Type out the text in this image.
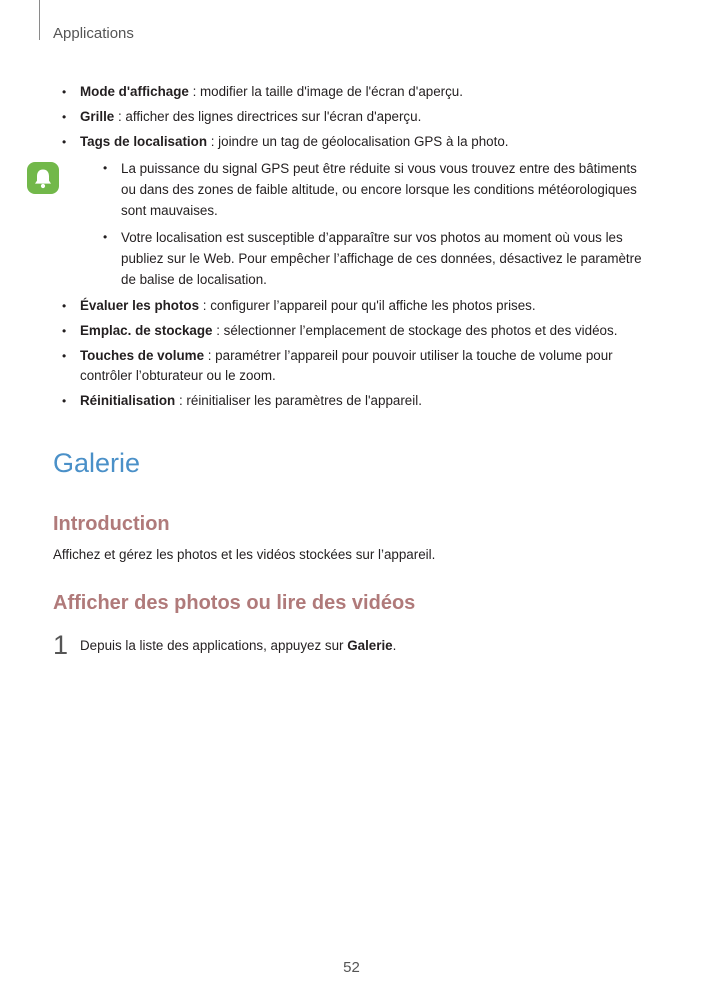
Applications
• Mode d'affichage : modifier la taille d'image de l'écran d'aperçu.
• Grille : afficher des lignes directrices sur l'écran d'aperçu.
• Tags de localisation : joindre un tag de géolocalisation GPS à la photo.
• La puissance du signal GPS peut être réduite si vous vous trouvez entre des bâtiments ou dans des zones de faible altitude, ou encore lorsque les conditions météorologiques sont mauvaises.
• Votre localisation est susceptible d’apparaître sur vos photos au moment où vous les publiez sur le Web. Pour empêcher l’affichage de ces données, désactivez le paramètre de balise de localisation.
• Évaluer les photos : configurer l’appareil pour qu'il affiche les photos prises.
• Emplac. de stockage : sélectionner l’emplacement de stockage des photos et des vidéos.
• Touches de volume : paramétrer l’appareil pour pouvoir utiliser la touche de volume pour contrôler l’obturateur ou le zoom.
• Réinitialisation : réinitialiser les paramètres de l'appareil.
Galerie
Introduction

Affichez et gérez les photos et les vidéos stockées sur l’appareil.

Afficher des photos ou lire des vidéos
1 Depuis la liste des applications, appuyez sur Galerie.
52
